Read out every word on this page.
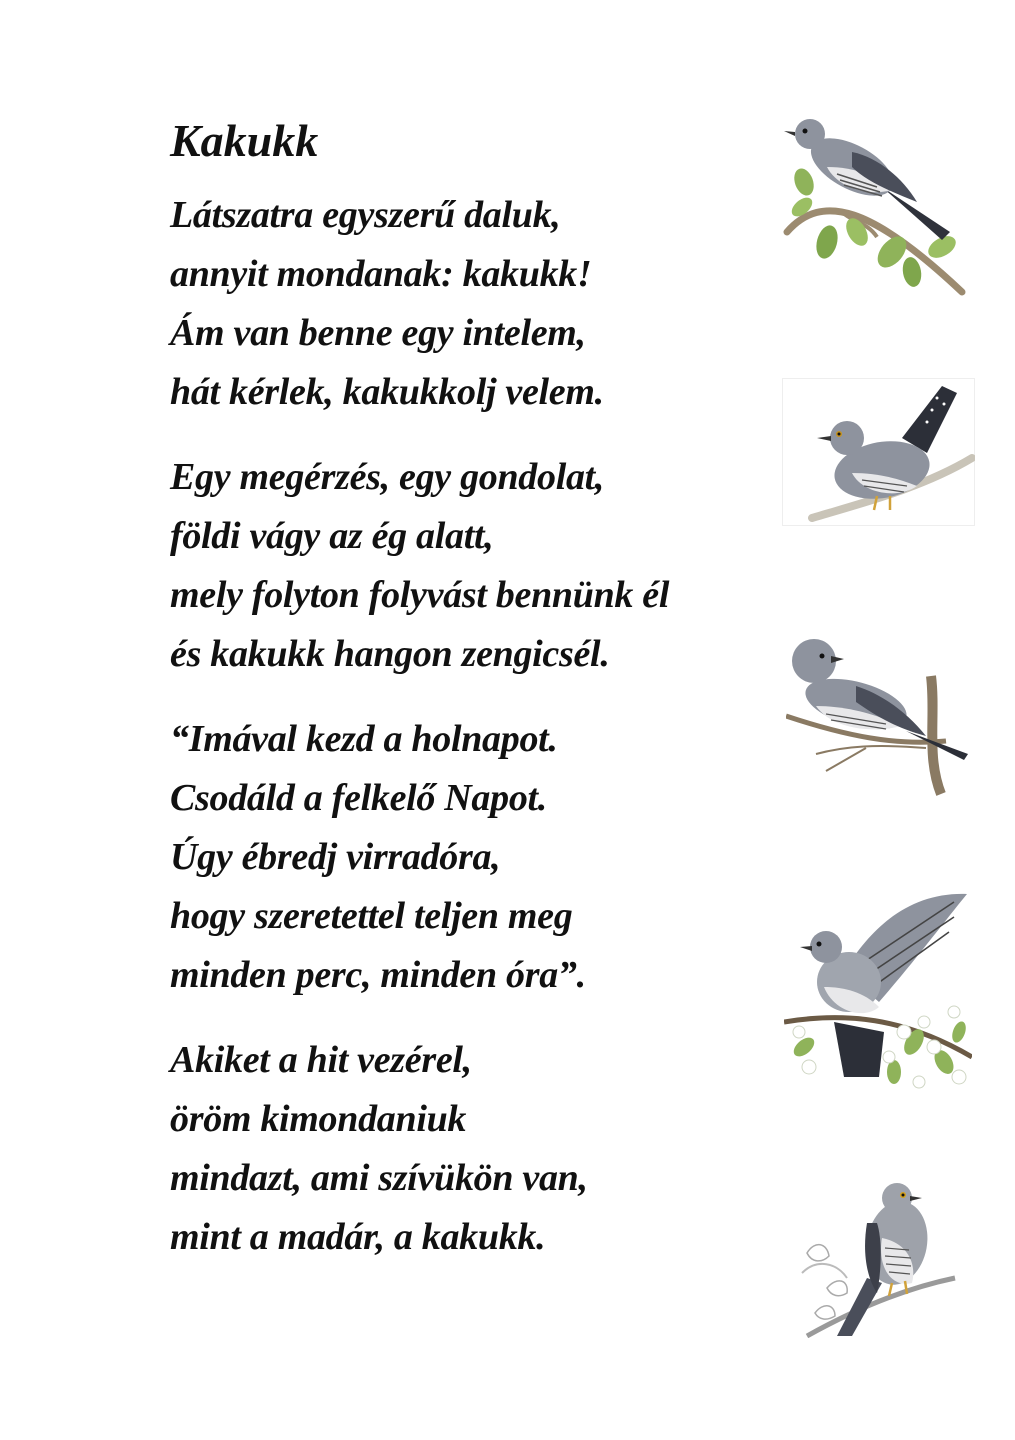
Kakukk
Látszatra egyszerű daluk,
annyit mondanak: kakukk!
Ám van benne egy intelem,
hát kérlek, kakukkolj velem.
Egy megérzés, egy gondolat,
földi vágy az ég alatt,
mely folyton folyvást bennünk él
és kakukk hangon zengicsél.
“Imával kezd a holnapot.
Csodáld a felkelő Napot.
Úgy ébredj virradóra,
hogy szeretettel teljen meg
minden perc, minden óra”.
Akiket a hit vezérel,
öröm kimondaniuk
mindazt, ami szívükön van,
mint a madár, a kakukk.
